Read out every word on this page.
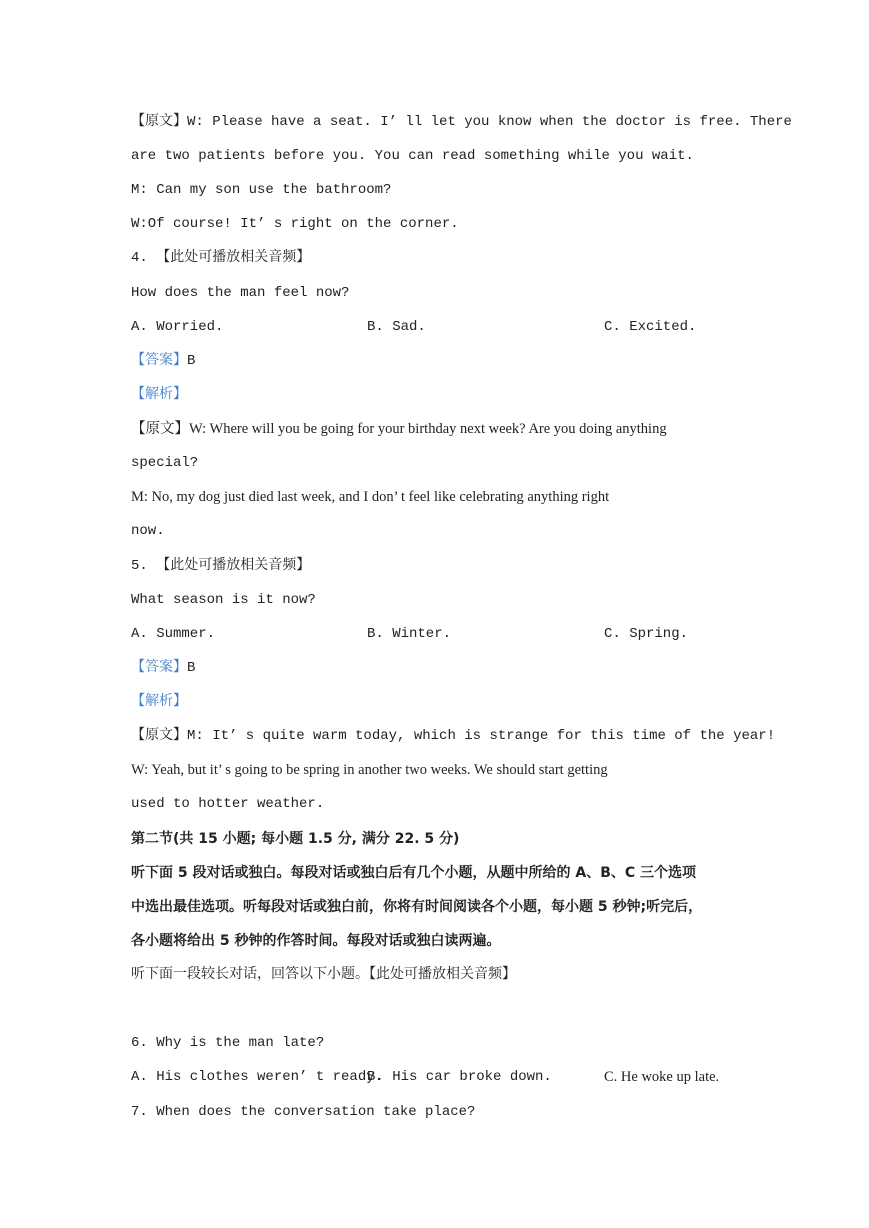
【原文】W: Please have a seat. I’ ll let you know when the doctor is free. There
are two patients before you. You can read something while you wait.
M: Can my son use the bathroom?
W:Of course! It’ s right on the corner.
4. 【此处可播放相关音频】
How does the man feel now?
A. Worried.	B. Sad.	C. Excited.
【答案】B
【解析】
【原文】W: Where will you be going for your birthday next week? Are you doing anything
special?
M: No, my dog just died last week, and I don’ t feel like celebrating anything right
now.
5. 【此处可播放相关音频】
What season is it now?
A. Summer.	B. Winter.	C. Spring.
【答案】B
【解析】
【原文】M: It’ s quite warm today, which is strange for this time of the year!
W: Yeah, but it’ s going to be spring in another two weeks. We should start getting
used to hotter weather.
第二节(共 15 小题; 每小题 1.5 分, 满分 22. 5 分)
听下面 5 段对话或独白。每段对话或独白后有几个小题，从题中所给的 A、B、C 三个选项
中选出最佳选项。听每段对话或独白前，你将有时间阅读各个小题，每小题 5 秒钟;听完后，
各小题将给出 5 秒钟的作答时间。每段对话或独白读两遍。
听下面一段较长对话，回答以下小题。【此处可播放相关音频】
6. Why is the man late?
A. His clothes weren’ t ready.
B. His car broke down.	C. He woke up late.
7. When does the conversation take place?
